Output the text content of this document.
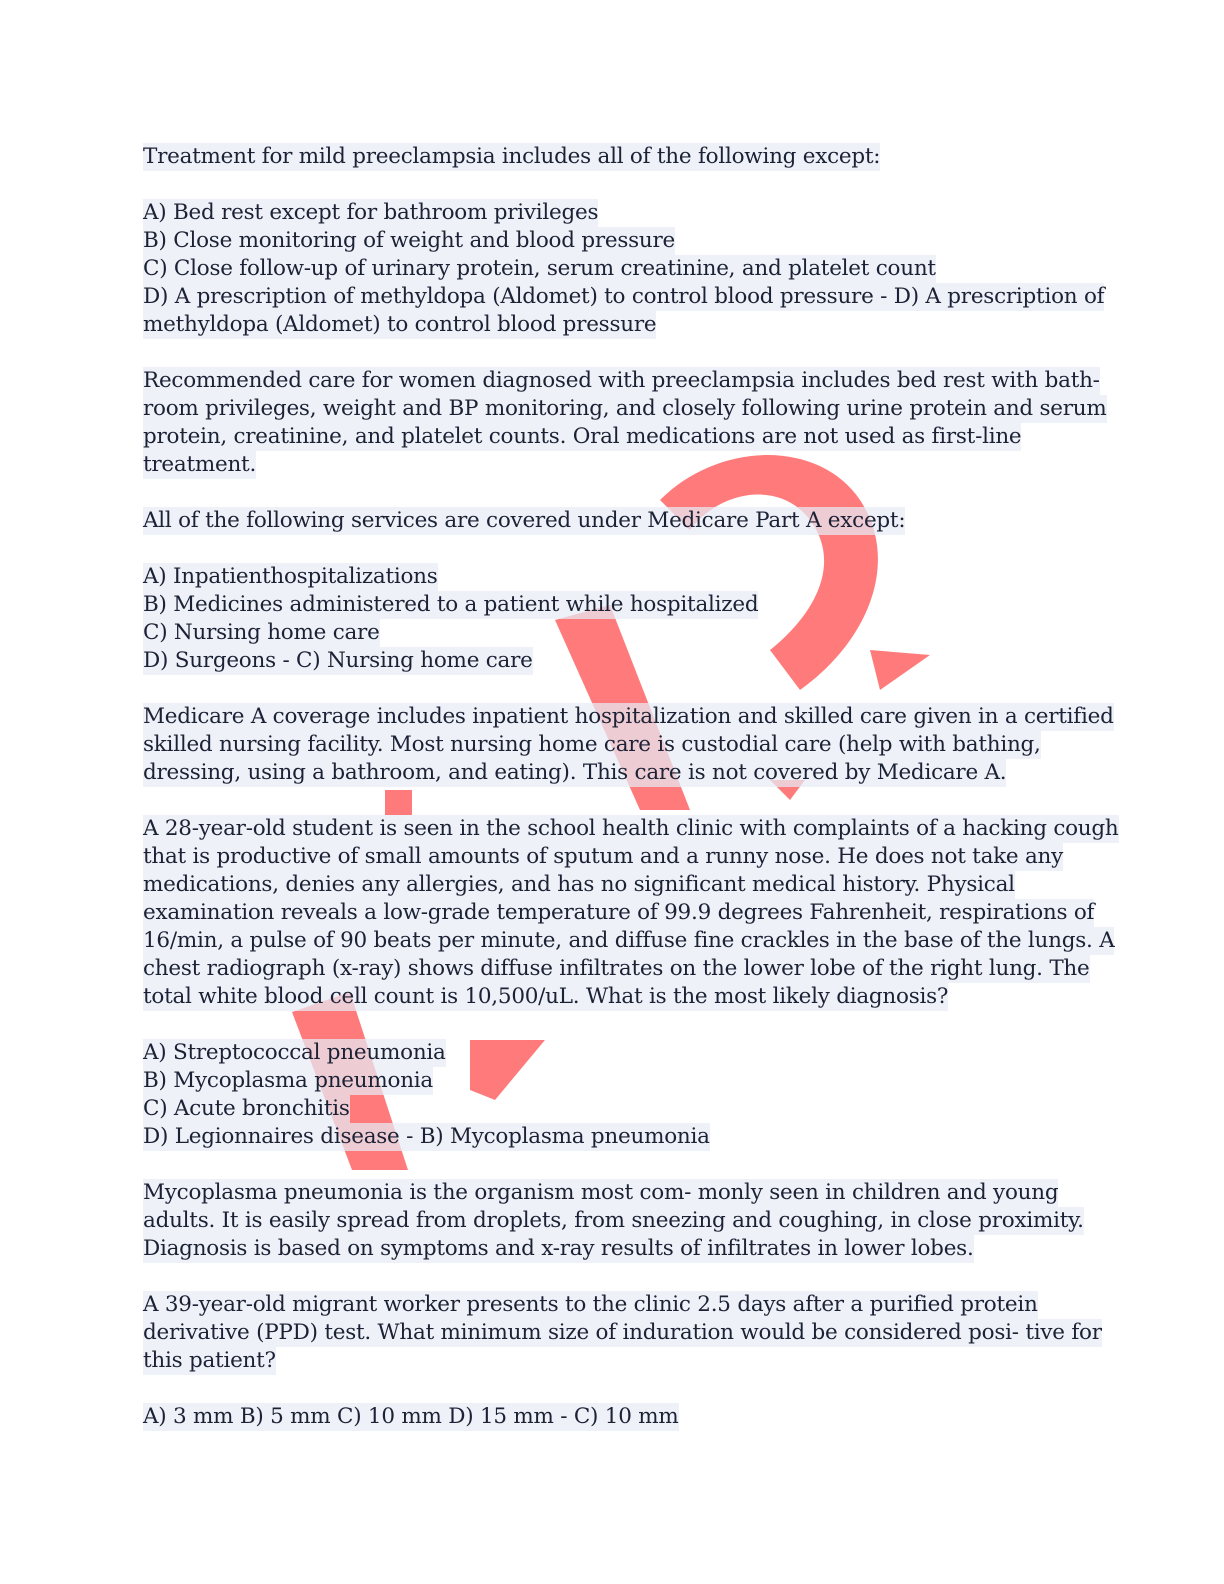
Treatment for mild preeclampsia includes all of the following except:
A) Bed rest except for bathroom privileges
B) Close monitoring of weight and blood pressure
C) Close follow-up of urinary protein, serum creatinine, and platelet count
D) A prescription of methyldopa (Aldomet) to control blood pressure - D) A prescription of
methyldopa (Aldomet) to control blood pressure
Recommended care for women diagnosed with preeclampsia includes bed rest with bath-
room privileges, weight and BP monitoring, and closely following urine protein and serum
protein, creatinine, and platelet counts. Oral medications are not used as first-line
treatment.
All of the following services are covered under Medicare Part A except:
A) Inpatienthospitalizations
B) Medicines administered to a patient while hospitalized
C) Nursing home care
D) Surgeons - C) Nursing home care
Medicare A coverage includes inpatient hospitalization and skilled care given in a certified
skilled nursing facility. Most nursing home care is custodial care (help with bathing,
dressing, using a bathroom, and eating). This care is not covered by Medicare A.
A 28-year-old student is seen in the school health clinic with complaints of a hacking cough
that is productive of small amounts of sputum and a runny nose. He does not take any
medications, denies any allergies, and has no significant medical history. Physical
examination reveals a low-grade temperature of 99.9 degrees Fahrenheit, respirations of
16/min, a pulse of 90 beats per minute, and diffuse fine crackles in the base of the lungs. A
chest radiograph (x-ray) shows diffuse infiltrates on the lower lobe of the right lung. The
total white blood cell count is 10,500/uL. What is the most likely diagnosis?
A) Streptococcal pneumonia
B) Mycoplasma pneumonia
C) Acute bronchitis
D) Legionnaires disease - B) Mycoplasma pneumonia
Mycoplasma pneumonia is the organism most com- monly seen in children and young
adults. It is easily spread from droplets, from sneezing and coughing, in close proximity.
Diagnosis is based on symptoms and x-ray results of infiltrates in lower lobes.
A 39-year-old migrant worker presents to the clinic 2.5 days after a purified protein
derivative (PPD) test. What minimum size of induration would be considered posi- tive for
this patient?
A) 3 mm B) 5 mm C) 10 mm D) 15 mm - C) 10 mm
